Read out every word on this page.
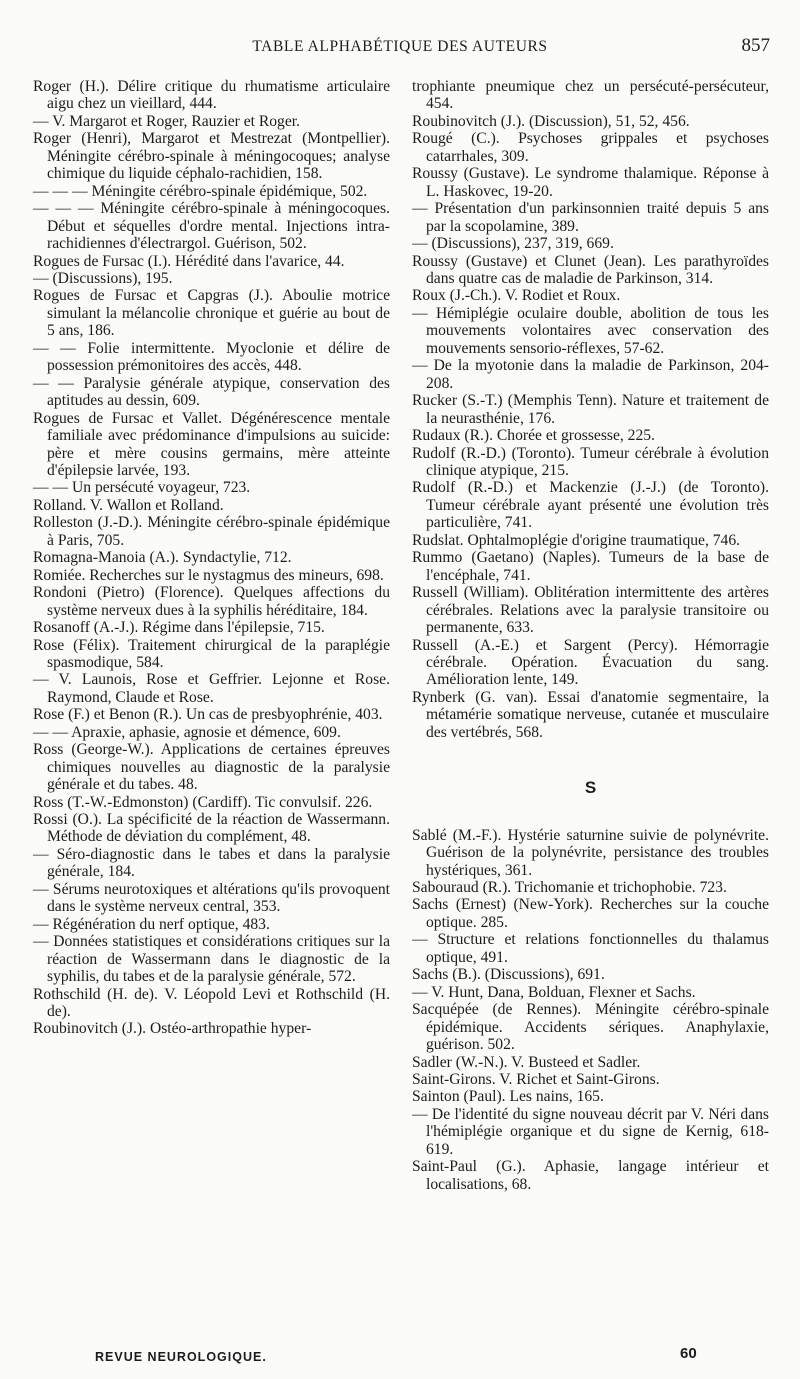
TABLE ALPHABÉTIQUE DES AUTEURS	857

Roger (H.). Délire critique du rhumatisme articulaire aigu chez un vieillard, 444.

— V. Margarot et Roger, Rauzier et Roger.

Roger (Henri), Margarot et Mestrezat (Montpellier). Méningite cérébro-spinale à méningocoques; analyse chimique du liquide céphalo-rachidien, 158.

— — — Méningite cérébro-spinale épidémique, 502.

— — — Méningite cérébro-spinale à méningocoques. Début et séquelles d'ordre mental. Injections intra-rachidiennes d'électrargol. Guérison, 502.

Rogues de Fursac (I.). Hérédité dans l'avarice, 44.

— (Discussions), 195.

Rogues de Fursac et Capgras (J.). Aboulie motrice simulant la mélancolie chronique et guérie au bout de 5 ans, 186.

— — Folie intermittente. Myoclonie et délire de possession prémonitoires des accès, 448.

— — Paralysie générale atypique, conservation des aptitudes au dessin, 609.

Rogues de Fursac et Vallet. Dégénérescence mentale familiale avec prédominance d'impulsions au suicide: père et mère cousins germains, mère atteinte d'épilepsie larvée, 193.

— — Un persécuté voyageur, 723.

Rolland. V. Wallon et Rolland.

Rolleston (J.-D.). Méningite cérébro-spinale épidémique à Paris, 705.

Romagna-Manoia (A.). Syndactylie, 712.

Romiée. Recherches sur le nystagmus des mineurs, 698.

Rondoni (Pietro) (Florence). Quelques affections du système nerveux dues à la syphilis héréditaire, 184.

Rosanoff (A.-J.). Régime dans l'épilepsie, 715.

Rose (Félix). Traitement chirurgical de la paraplégie spasmodique, 584.

— V. Launois, Rose et Geffrier. Lejonne et Rose. Raymond, Claude et Rose.

Rose (F.) et Benon (R.). Un cas de presbyophrénie, 403.

— — Apraxie, aphasie, agnosie et démence, 609.

Ross (George-W.). Applications de certaines épreuves chimiques nouvelles au diagnostic de la paralysie générale et du tabes. 48.

Ross (T.-W.-Edmonston) (Cardiff). Tic convulsif. 226.

Rossi (O.). La spécificité de la réaction de Wassermann. Méthode de déviation du complément, 48.

— Séro-diagnostic dans le tabes et dans la paralysie générale, 184.

— Sérums neurotoxiques et altérations qu'ils provoquent dans le système nerveux central, 353.

— Régénération du nerf optique, 483.

— Données statistiques et considérations critiques sur la réaction de Wassermann dans le diagnostic de la syphilis, du tabes et de la paralysie générale, 572.

Rothschild (H. de). V. Léopold Levi et Rothschild (H. de).

Roubinovitch (J.). Ostéo-arthropathie hyper-

trophiante pneumique chez un persécuté-persécuteur, 454.

Roubinovitch (J.). (Discussion), 51, 52, 456.

Rougé (C.). Psychoses grippales et psychoses catarrhales, 309.

Roussy (Gustave). Le syndrome thalamique. Réponse à L. Haskovec, 19-20.

— Présentation d'un parkinsonnien traité depuis 5 ans par la scopolamine, 389.

— (Discussions), 237, 319, 669.

Roussy (Gustave) et Clunet (Jean). Les parathyroïdes dans quatre cas de maladie de Parkinson, 314.

Roux (J.-Ch.). V. Rodiet et Roux.

— Hémiplégie oculaire double, abolition de tous les mouvements volontaires avec conservation des mouvements sensorio-réflexes, 57-62.

— De la myotonie dans la maladie de Parkinson, 204-208.

Rucker (S.-T.) (Memphis Tenn). Nature et traitement de la neurasthénie, 176.

Rudaux (R.). Chorée et grossesse, 225.

Rudolf (R.-D.) (Toronto). Tumeur cérébrale à évolution clinique atypique, 215.

Rudolf (R.-D.) et Mackenzie (J.-J.) (de Toronto). Tumeur cérébrale ayant présenté une évolution très particulière, 741.

Rudslat. Ophtalmoplégie d'origine traumatique, 746.

Rummo (Gaetano) (Naples). Tumeurs de la base de l'encéphale, 741.

Russell (William). Oblitération intermittente des artères cérébrales. Relations avec la paralysie transitoire ou permanente, 633.

Russell (A.-E.) et Sargent (Percy). Hémorragie cérébrale. Opération. Évacuation du sang. Amélioration lente, 149.

Rynberk (G. van). Essai d'anatomie segmentaire, la métamérie somatique nerveuse, cutanée et musculaire des vertébrés, 568.

S

Sablé (M.-F.). Hystérie saturnine suivie de polynévrite. Guérison de la polynévrite, persistance des troubles hystériques, 361.

Sabouraud (R.). Trichomanie et trichophobie. 723.

Sachs (Ernest) (New-York). Recherches sur la couche optique. 285.

— Structure et relations fonctionnelles du thalamus optique, 491.

Sachs (B.). (Discussions), 691.

— V. Hunt, Dana, Bolduan, Flexner et Sachs.

Sacquépée (de Rennes). Méningite cérébro-spinale épidémique. Accidents sériques. Anaphylaxie, guérison. 502.

Sadler (W.-N.). V. Busteed et Sadler.

Saint-Girons. V. Richet et Saint-Girons.

Sainton (Paul). Les nains, 165.

— De l'identité du signe nouveau décrit par V. Néri dans l'hémiplégie organique et du signe de Kernig, 618-619.

Saint-Paul (G.). Aphasie, langage intérieur et localisations, 68.

REVUE NEUROLOGIQUE.	60
